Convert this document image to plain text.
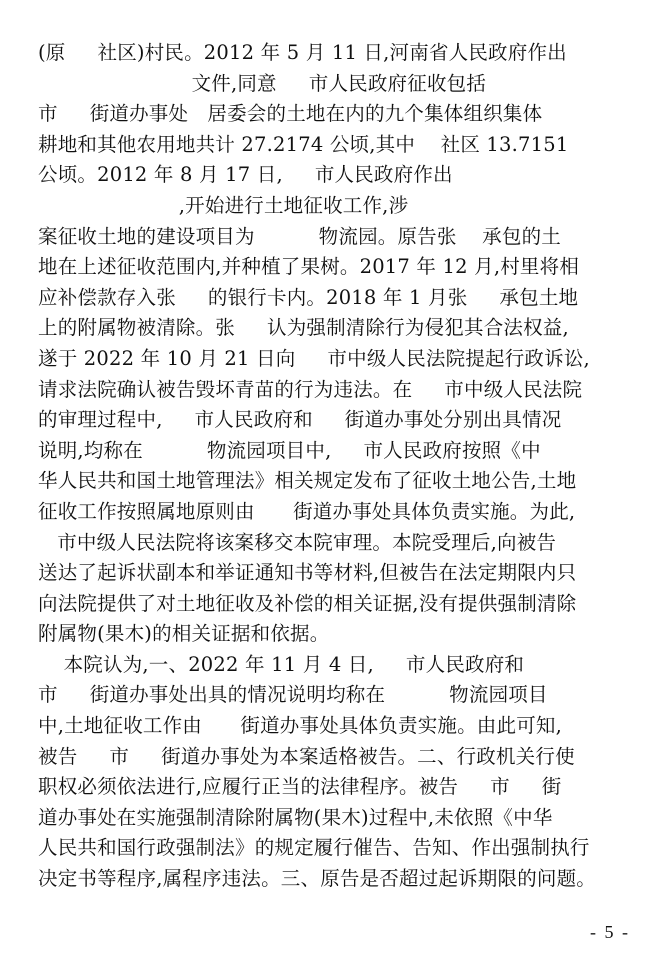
(原     社区)村民。2012 年 5 月 11 日,河南省人民政府作出
文件,同意     市人民政府征收包括
市     街道办事处   居委会的土地在内的九个集体组织集体
耕地和其他农用地共计 27.2174 公顷,其中    社区 13.7151
公顷。2012 年 8 月 17 日,     市人民政府作出
,开始进行土地征收工作,涉
案征收土地的建设项目为          物流园。原告张    承包的土
地在上述征收范围内,并种植了果树。2017 年 12 月,村里将相
应补偿款存入张     的银行卡内。2018 年 1 月张     承包土地
上的附属物被清除。张     认为强制清除行为侵犯其合法权益,
遂于 2022 年 10 月 21 日向     市中级人民法院提起行政诉讼,
请求法院确认被告毁坏青苗的行为违法。在     市中级人民法院
的审理过程中,     市人民政府和     街道办事处分别出具情况
说明,均称在          物流园项目中,     市人民政府按照《中
华人民共和国土地管理法》相关规定发布了征收土地公告,土地
征收工作按照属地原则由      街道办事处具体负责实施。为此,
市中级人民法院将该案移交本院审理。本院受理后,向被告
送达了起诉状副本和举证通知书等材料,但被告在法定期限内只
向法院提供了对土地征收及补偿的相关证据,没有提供强制清除
附属物(果木)的相关证据和依据。
本院认为,一、2022 年 11 月 4 日,     市人民政府和
市     街道办事处出具的情况说明均称在          物流园项目
中,土地征收工作由      街道办事处具体负责实施。由此可知,
被告     市     街道办事处为本案适格被告。二、行政机关行使
职权必须依法进行,应履行正当的法律程序。被告     市     街
道办事处在实施强制清除附属物(果木)过程中,未依照《中华
人民共和国行政强制法》的规定履行催告、告知、作出强制执行
决定书等程序,属程序违法。三、原告是否超过起诉期限的问题。
- 5 -
